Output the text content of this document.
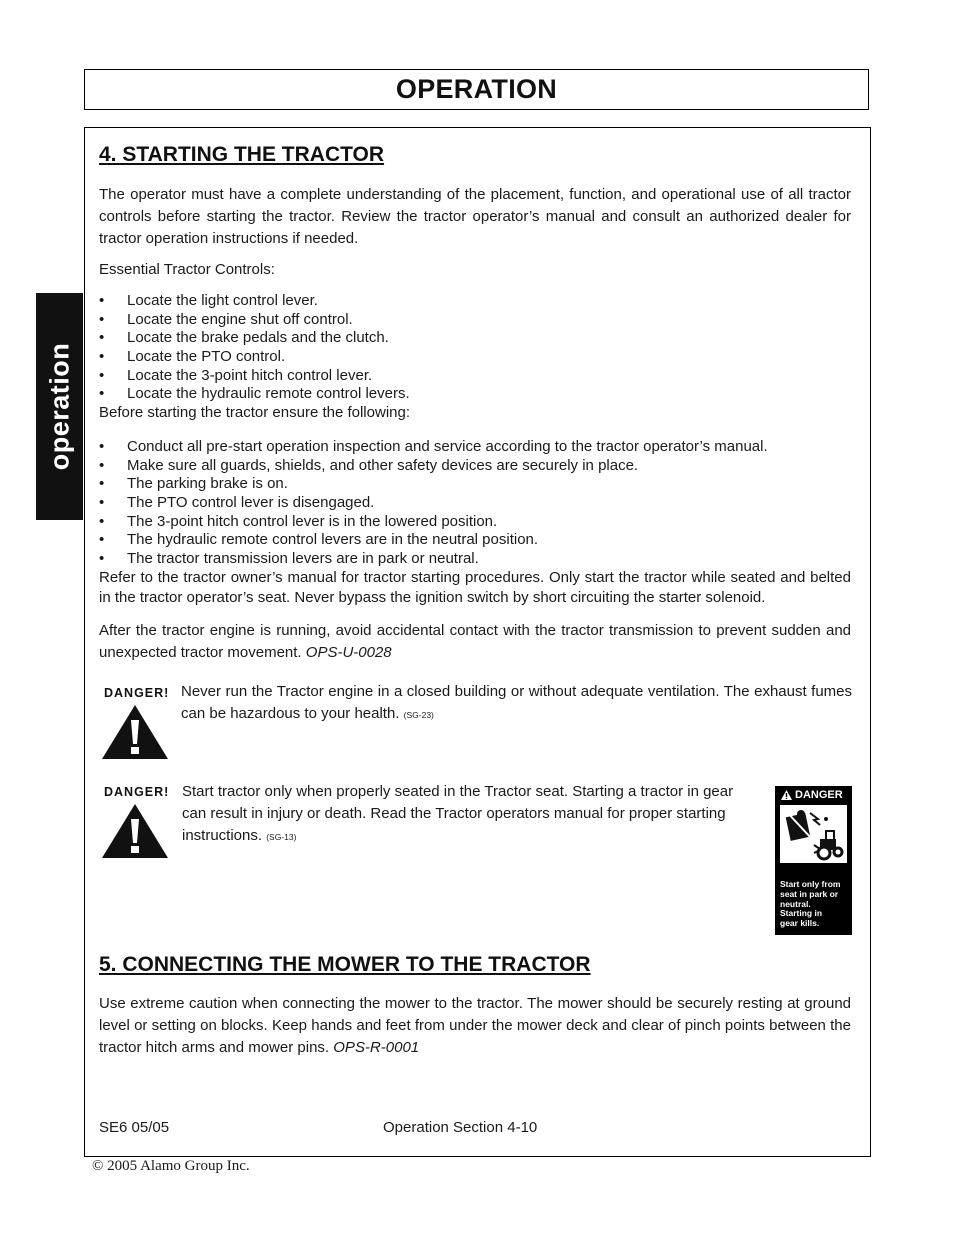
OPERATION
operation
4. STARTING THE TRACTOR

The operator must have a complete understanding of the placement, function, and operational use of all tractor controls before starting the tractor. Review the tractor operator’s manual and consult an authorized dealer for tractor operation instructions if needed.

Essential Tractor Controls:
• Locate the light control lever.
• Locate the engine shut off control.
• Locate the brake pedals and the clutch.
• Locate the PTO control.
• Locate the 3-point hitch control lever.
• Locate the hydraulic remote control levers.
Before starting the tractor ensure the following:
• Conduct all pre-start operation inspection and service according to the tractor operator’s manual.
• Make sure all guards, shields, and other safety devices are securely in place.
• The parking brake is on.
• The PTO control lever is disengaged.
• The 3-point hitch control lever is in the lowered position.
• The hydraulic remote control levers are in the neutral position.
• The tractor transmission levers are in park or neutral.

Refer to the tractor owner’s manual for tractor starting procedures. Only start the tractor while seated and belted in the tractor operator’s seat. Never bypass the ignition switch by short circuiting the starter solenoid.

After the tractor engine is running, avoid accidental contact with the tractor transmission to prevent sudden and unexpected tractor movement. OPS-U-0028

DANGER! Never run the Tractor engine in a closed building or without adequate ventilation. The exhaust fumes can be hazardous to your health. (SG-23)

DANGER! Start tractor only when properly seated in the Tractor seat. Starting a tractor in gear can result in injury or death. Read the Tractor operators manual for proper starting instructions. (SG-13)

DANGER
Start only from
seat in park or
neutral.
Starting in
gear kills.
5. CONNECTING THE MOWER TO THE TRACTOR

Use extreme caution when connecting the mower to the tractor. The mower should be securely resting at ground level or setting on blocks. Keep hands and feet from under the mower deck and clear of pinch points between the tractor hitch arms and mower pins. OPS-R-0001

SE6 05/05	Operation Section 4-10
© 2005 Alamo Group Inc.
